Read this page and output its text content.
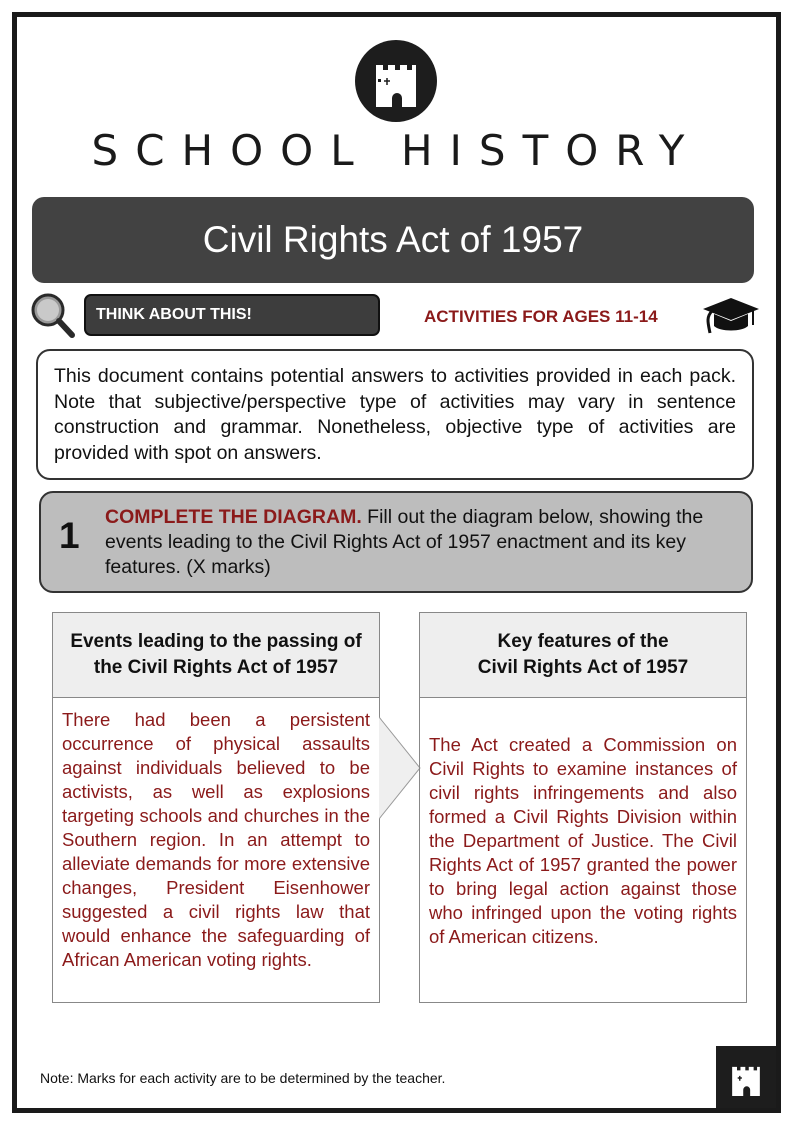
SCHOOL HISTORY
Civil Rights Act of 1957
THINK ABOUT THIS!	ACTIVITIES FOR AGES 11-14
This document contains potential answers to activities provided in each pack. Note that subjective/perspective type of activities may vary in sentence construction and grammar. Nonetheless, objective type of activities are provided with spot on answers.
1 COMPLETE THE DIAGRAM. Fill out the diagram below, showing the events leading to the Civil Rights Act of 1957 enactment and its key features. (X marks)
Events leading to the passing of the Civil Rights Act of 1957
There had been a persistent occurrence of physical assaults against individuals believed to be activists, as well as explosions targeting schools and churches in the Southern region. In an attempt to alleviate demands for more extensive changes, President Eisenhower suggested a civil rights law that would enhance the safeguarding of African American voting rights.
Key features of the
Civil Rights Act of 1957
The Act created a Commission on Civil Rights to examine instances of civil rights infringements and also formed a Civil Rights Division within the Department of Justice. The Civil Rights Act of 1957 granted the power to bring legal action against those who infringed upon the voting rights of American citizens.
Note: Marks for each activity are to be determined by the teacher.
